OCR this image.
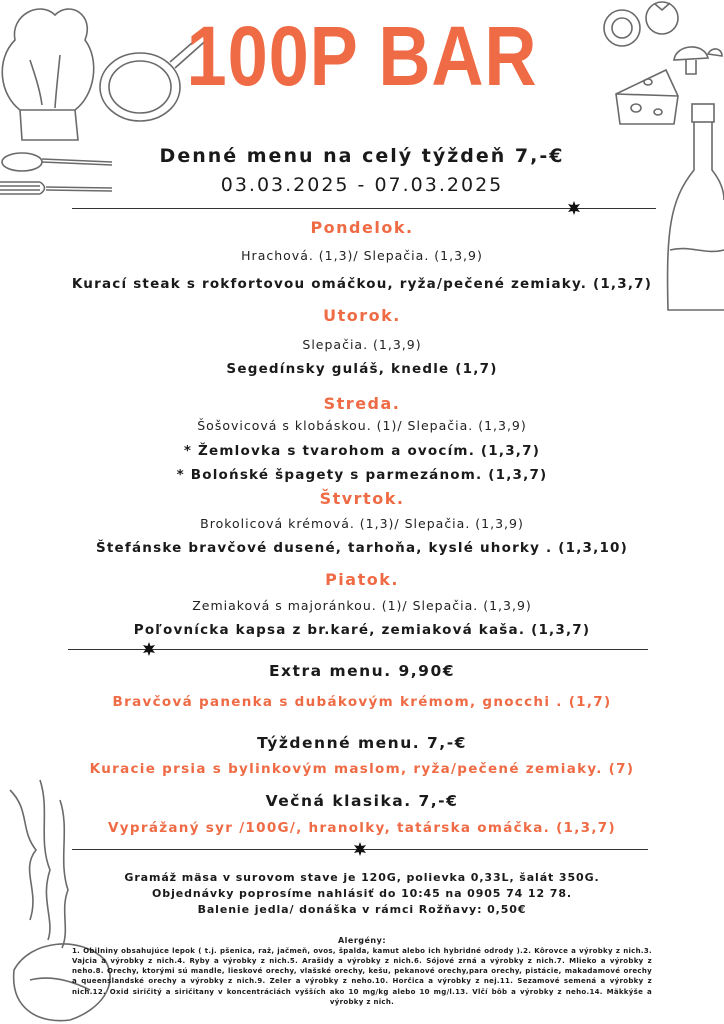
100P BAR
Denné menu na celý týždeň 7,-€
03.03.2025 - 07.03.2025
Pondelok.
Hrachová. (1,3)/ Slepačia. (1,3,9)
Kurací steak s rokfortovou omáčkou, ryža/pečené zemiaky. (1,3,7)
Utorok.
Slepačia. (1,3,9)
Segedínsky guláš, knedle (1,7)
Streda.
Šošovicová s klobáskou. (1)/ Slepačia. (1,3,9)
* Žemlovka s tvarohom a ovocím. (1,3,7)
* Bolońské špagety s parmezánom. (1,3,7)
Štvrtok.
Brokolicová krémová. (1,3)/ Slepačia. (1,3,9)
Štefánske bravčové dusené, tarhoňa, kyslé uhorky . (1,3,10)
Piatok.
Zemiaková s majoránkou. (1)/ Slepačia. (1,3,9)
Poľovnícka kapsa z br.karé, zemiaková kaša. (1,3,7)
Extra menu. 9,90€
Bravčová panenka s dubákovým krémom, gnocchi . (1,7)
Týždenné menu. 7,-€
Kuracie prsia s bylinkovým maslom, ryža/pečené zemiaky. (7)
Večná klasika. 7,-€
Vyprážaný syr /100G/, hranolky, tatárska omáčka. (1,3,7)
Gramáž mäsa v surovom stave je 120G, polievka 0,33L, šalát 350G.
Objednávky poprosíme nahlásiť do 10:45 na 0905 74 12 78.
Balenie jedla/ donáška v rámci Rožňavy: 0,50€
Alergény:
1. Obilniny obsahujúce lepok ( t.j. pšenica, raž, jačmeň, ovos, špalda, kamut alebo ich hybridné odrody ).2. Kôrovce a výrobky z nich.3. Vajcia a výrobky z nich.4. Ryby a výrobky z nich.5. Arašidy a výrobky z nich.6. Sójové zrná a výrobky z nich.7. Mlieko a výrobky z neho.8. Orechy, ktorými sú mandle, lieskové orechy, vlašské orechy, kešu, pekanové orechy,para orechy, pistácie, makadamové orechy a queenslandské orechy a výrobky z nich.9. Zeler a výrobky z neho.10. Horčica a výrobky z nej.11. Sezamové semená a výrobky z nich.12. Oxid siričitý a siričitany v koncentráciách vyšších ako 10 mg/kg alebo 10 mg/l.13. Vlčí bôb a výrobky z neho.14. Mäkkýše a výrobky z nich.
